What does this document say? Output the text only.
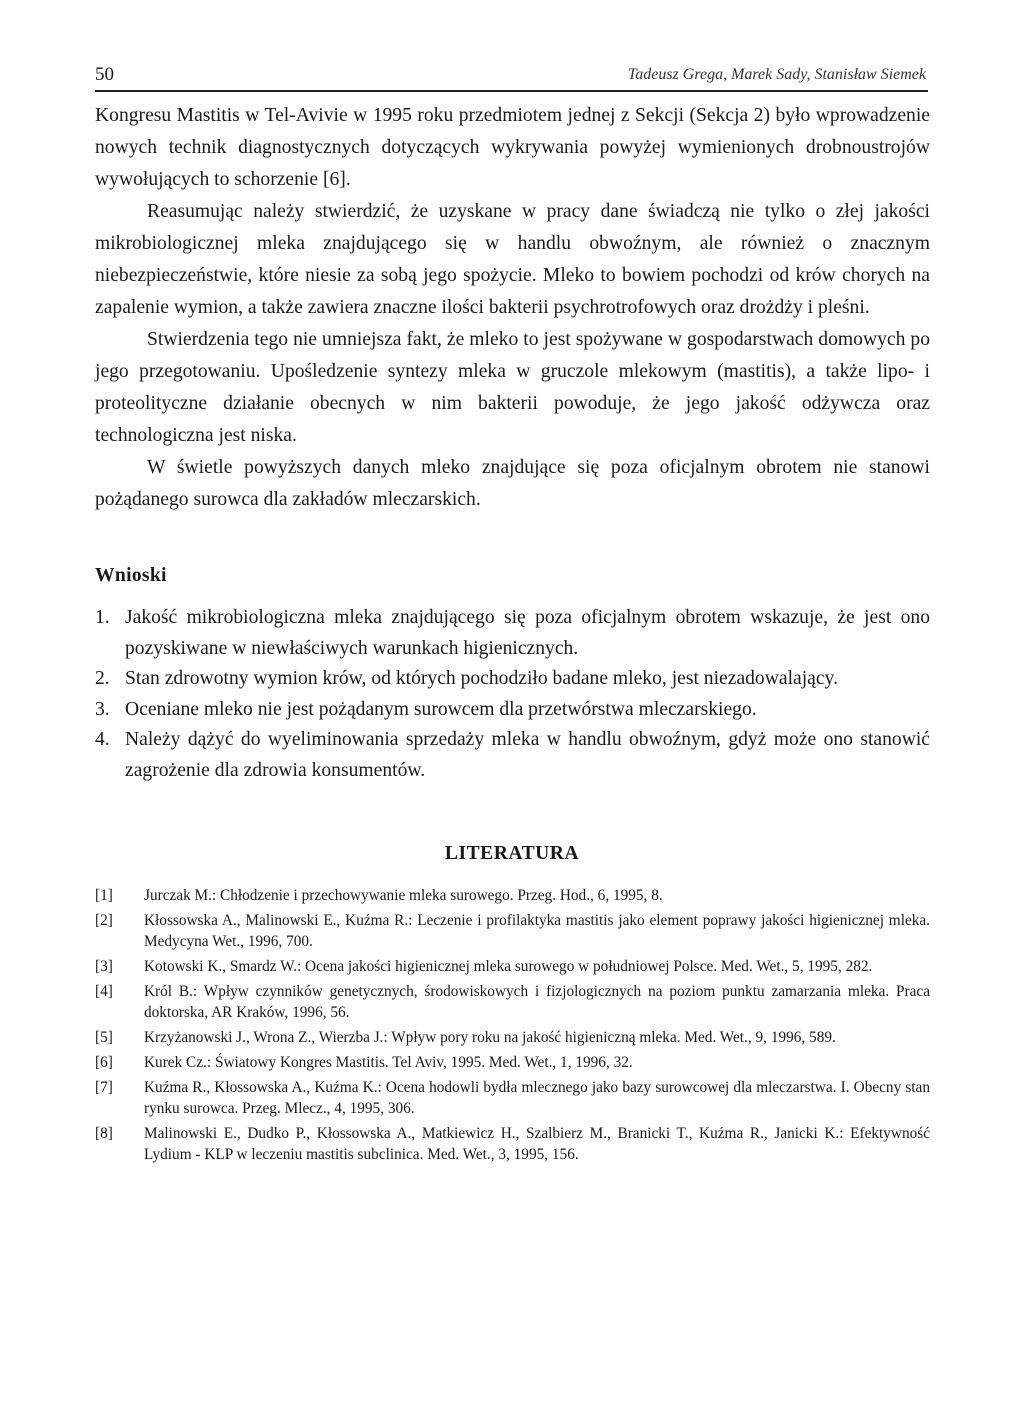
50	Tadeusz Grega, Marek Sady, Stanisław Siemek

Kongresu Mastitis w Tel-Avivie w 1995 roku przedmiotem jednej z Sekcji (Sekcja 2) było wprowadzenie nowych technik diagnostycznych dotyczących wykrywania powyżej wymienionych drobnoustrojów wywołujących to schorzenie [6].

Reasumując należy stwierdzić, że uzyskane w pracy dane świadczą nie tylko o złej jakości mikrobiologicznej mleka znajdującego się w handlu obwoźnym, ale również o znacznym niebezpieczeństwie, które niesie za sobą jego spożycie. Mleko to bowiem pochodzi od krów chorych na zapalenie wymion, a także zawiera znaczne ilości bakterii psychrotrofowych oraz drożdży i pleśni.

Stwierdzenia tego nie umniejsza fakt, że mleko to jest spożywane w gospodarstwach domowych po jego przegotowaniu. Upośledzenie syntezy mleka w gruczole mlekowym (mastitis), a także lipo- i proteolityczne działanie obecnych w nim bakterii powoduje, że jego jakość odżywcza oraz technologiczna jest niska.

W świetle powyższych danych mleko znajdujące się poza oficjalnym obrotem nie stanowi pożądanego surowca dla zakładów mleczarskich.

Wnioski
1. Jakość mikrobiologiczna mleka znajdującego się poza oficjalnym obrotem wskazuje, że jest ono pozyskiwane w niewłaściwych warunkach higienicznych.
2. Stan zdrowotny wymion krów, od których pochodziło badane mleko, jest niezadowalający.
3. Oceniane mleko nie jest pożądanym surowcem dla przetwórstwa mleczarskiego.
4. Należy dążyć do wyeliminowania sprzedaży mleka w handlu obwoźnym, gdyż może ono stanowić zagrożenie dla zdrowia konsumentów.
LITERATURA
[1] Jurczak M.: Chłodzenie i przechowywanie mleka surowego. Przeg. Hod., 6, 1995, 8.
[2] Kłossowska A., Malinowski E., Kuźma R.: Leczenie i profilaktyka mastitis jako element poprawy jakości higienicznej mleka. Medycyna Wet., 1996, 700.
[3] Kotowski K., Smardz W.: Ocena jakości higienicznej mleka surowego w południowej Polsce. Med. Wet., 5, 1995, 282.
[4] Król B.: Wpływ czynników genetycznych, środowiskowych i fizjologicznych na poziom punktu zamarzania mleka. Praca doktorska, AR Kraków, 1996, 56.
[5] Krzyżanowski J., Wrona Z., Wierzba J.: Wpływ pory roku na jakość higieniczną mleka. Med. Wet., 9, 1996, 589.
[6] Kurek Cz.: Światowy Kongres Mastitis. Tel Aviv, 1995. Med. Wet., 1, 1996, 32.
[7] Kuźma R., Kłossowska A., Kuźma K.: Ocena hodowli bydła mlecznego jako bazy surowcowej dla mleczarstwa. I. Obecny stan rynku surowca. Przeg. Mlecz., 4, 1995, 306.
[8] Malinowski E., Dudko P., Kłossowska A., Matkiewicz H., Szalbierz M., Branicki T., Kuźma R., Janicki K.: Efektywność Lydium - KLP w leczeniu mastitis subclinica. Med. Wet., 3, 1995, 156.
